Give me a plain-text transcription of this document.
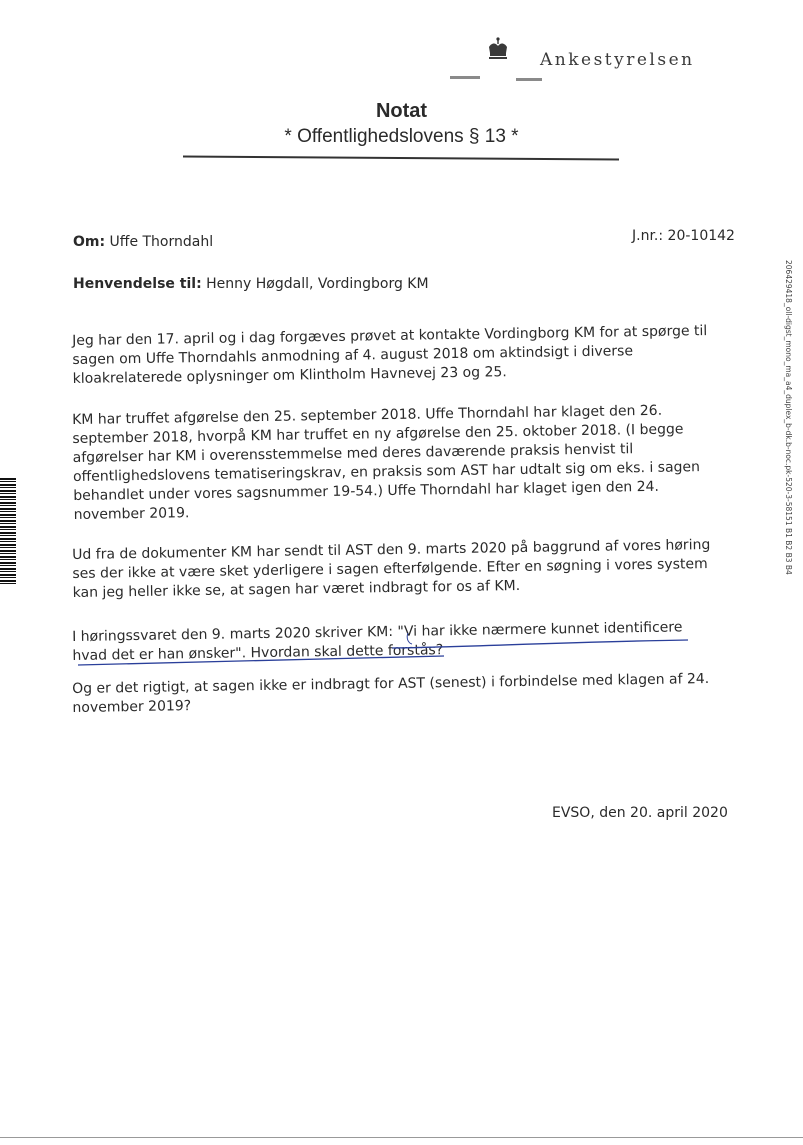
Ankestyrelsen
Notat
* Offentlighedslovens § 13 *
Om: Uffe Thorndahl	J.nr.: 20-10142
Henvendelse til: Henny Høgdall, Vordingborg KM
Jeg har den 17. april og i dag forgæves prøvet at kontakte Vordingborg KM for at spørge til
sagen om Uffe Thorndahls anmodning af 4. august 2018 om aktindsigt i diverse
kloakrelaterede oplysninger om Klintholm Havnevej 23 og 25.
KM har truffet afgørelse den 25. september 2018. Uffe Thorndahl har klaget den 26.
september 2018, hvorpå KM har truffet en ny afgørelse den 25. oktober 2018. (I begge
afgørelser har KM i overensstemmelse med deres daværende praksis henvist til
offentlighedslovens tematiseringskrav, en praksis som AST har udtalt sig om eks. i sagen
behandlet under vores sagsnummer 19-54.) Uffe Thorndahl har klaget igen den 24.
november 2019.
Ud fra de dokumenter KM har sendt til AST den 9. marts 2020 på baggrund af vores høring
ses der ikke at være sket yderligere i sagen efterfølgende. Efter en søgning i vores system
kan jeg heller ikke se, at sagen har været indbragt for os af KM.
I høringssvaret den 9. marts 2020 skriver KM: "Vi har ikke nærmere kunnet identificere
hvad det er han ønsker". Hvordan skal dette forstås?
Og er det rigtigt, at sagen ikke er indbragt for AST (senest) i forbindelse med klagen af 24.
november 2019?
EVSO, den 20. april 2020
20642941​8_oll-digst_mono_ma_a4_duplex_b-dk.b-noc.pk-520-3-58151 B1 B2 B3 B4
